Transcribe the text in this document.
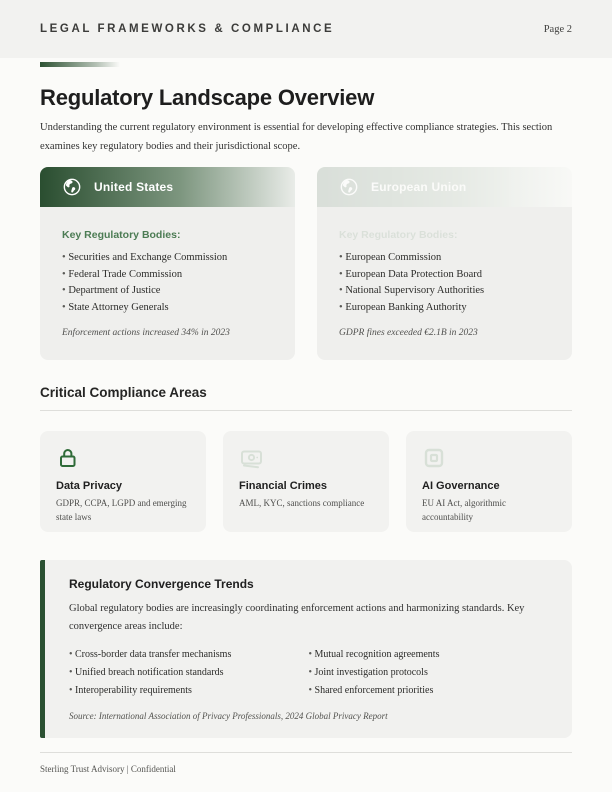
LEGAL FRAMEWORKS & COMPLIANCE	Page 2
Regulatory Landscape Overview

Understanding the current regulatory environment is essential for developing effective compliance strategies. This section examines key regulatory bodies and their jurisdictional scope.

United States
Key Regulatory Bodies:
• Securities and Exchange Commission
• Federal Trade Commission
• Department of Justice
• State Attorney Generals
Enforcement actions increased 34% in 2023
European Union
Key Regulatory Bodies:
• European Commission
• European Data Protection Board
• National Supervisory Authorities
• European Banking Authority
GDPR fines exceeded €2.1B in 2023
Critical Compliance Areas
Data Privacy
GDPR, CCPA, LGPD and emerging state laws
Financial Crimes
AML, KYC, sanctions compliance
AI Governance
EU AI Act, algorithmic accountability
Regulatory Convergence Trends
Global regulatory bodies are increasingly coordinating enforcement actions and harmonizing standards. Key convergence areas include:
• Cross-border data transfer mechanisms
• Unified breach notification standards
• Interoperability requirements
• Mutual recognition agreements
• Joint investigation protocols
• Shared enforcement priorities
Source: International Association of Privacy Professionals, 2024 Global Privacy Report
Sterling Trust Advisory | Confidential
